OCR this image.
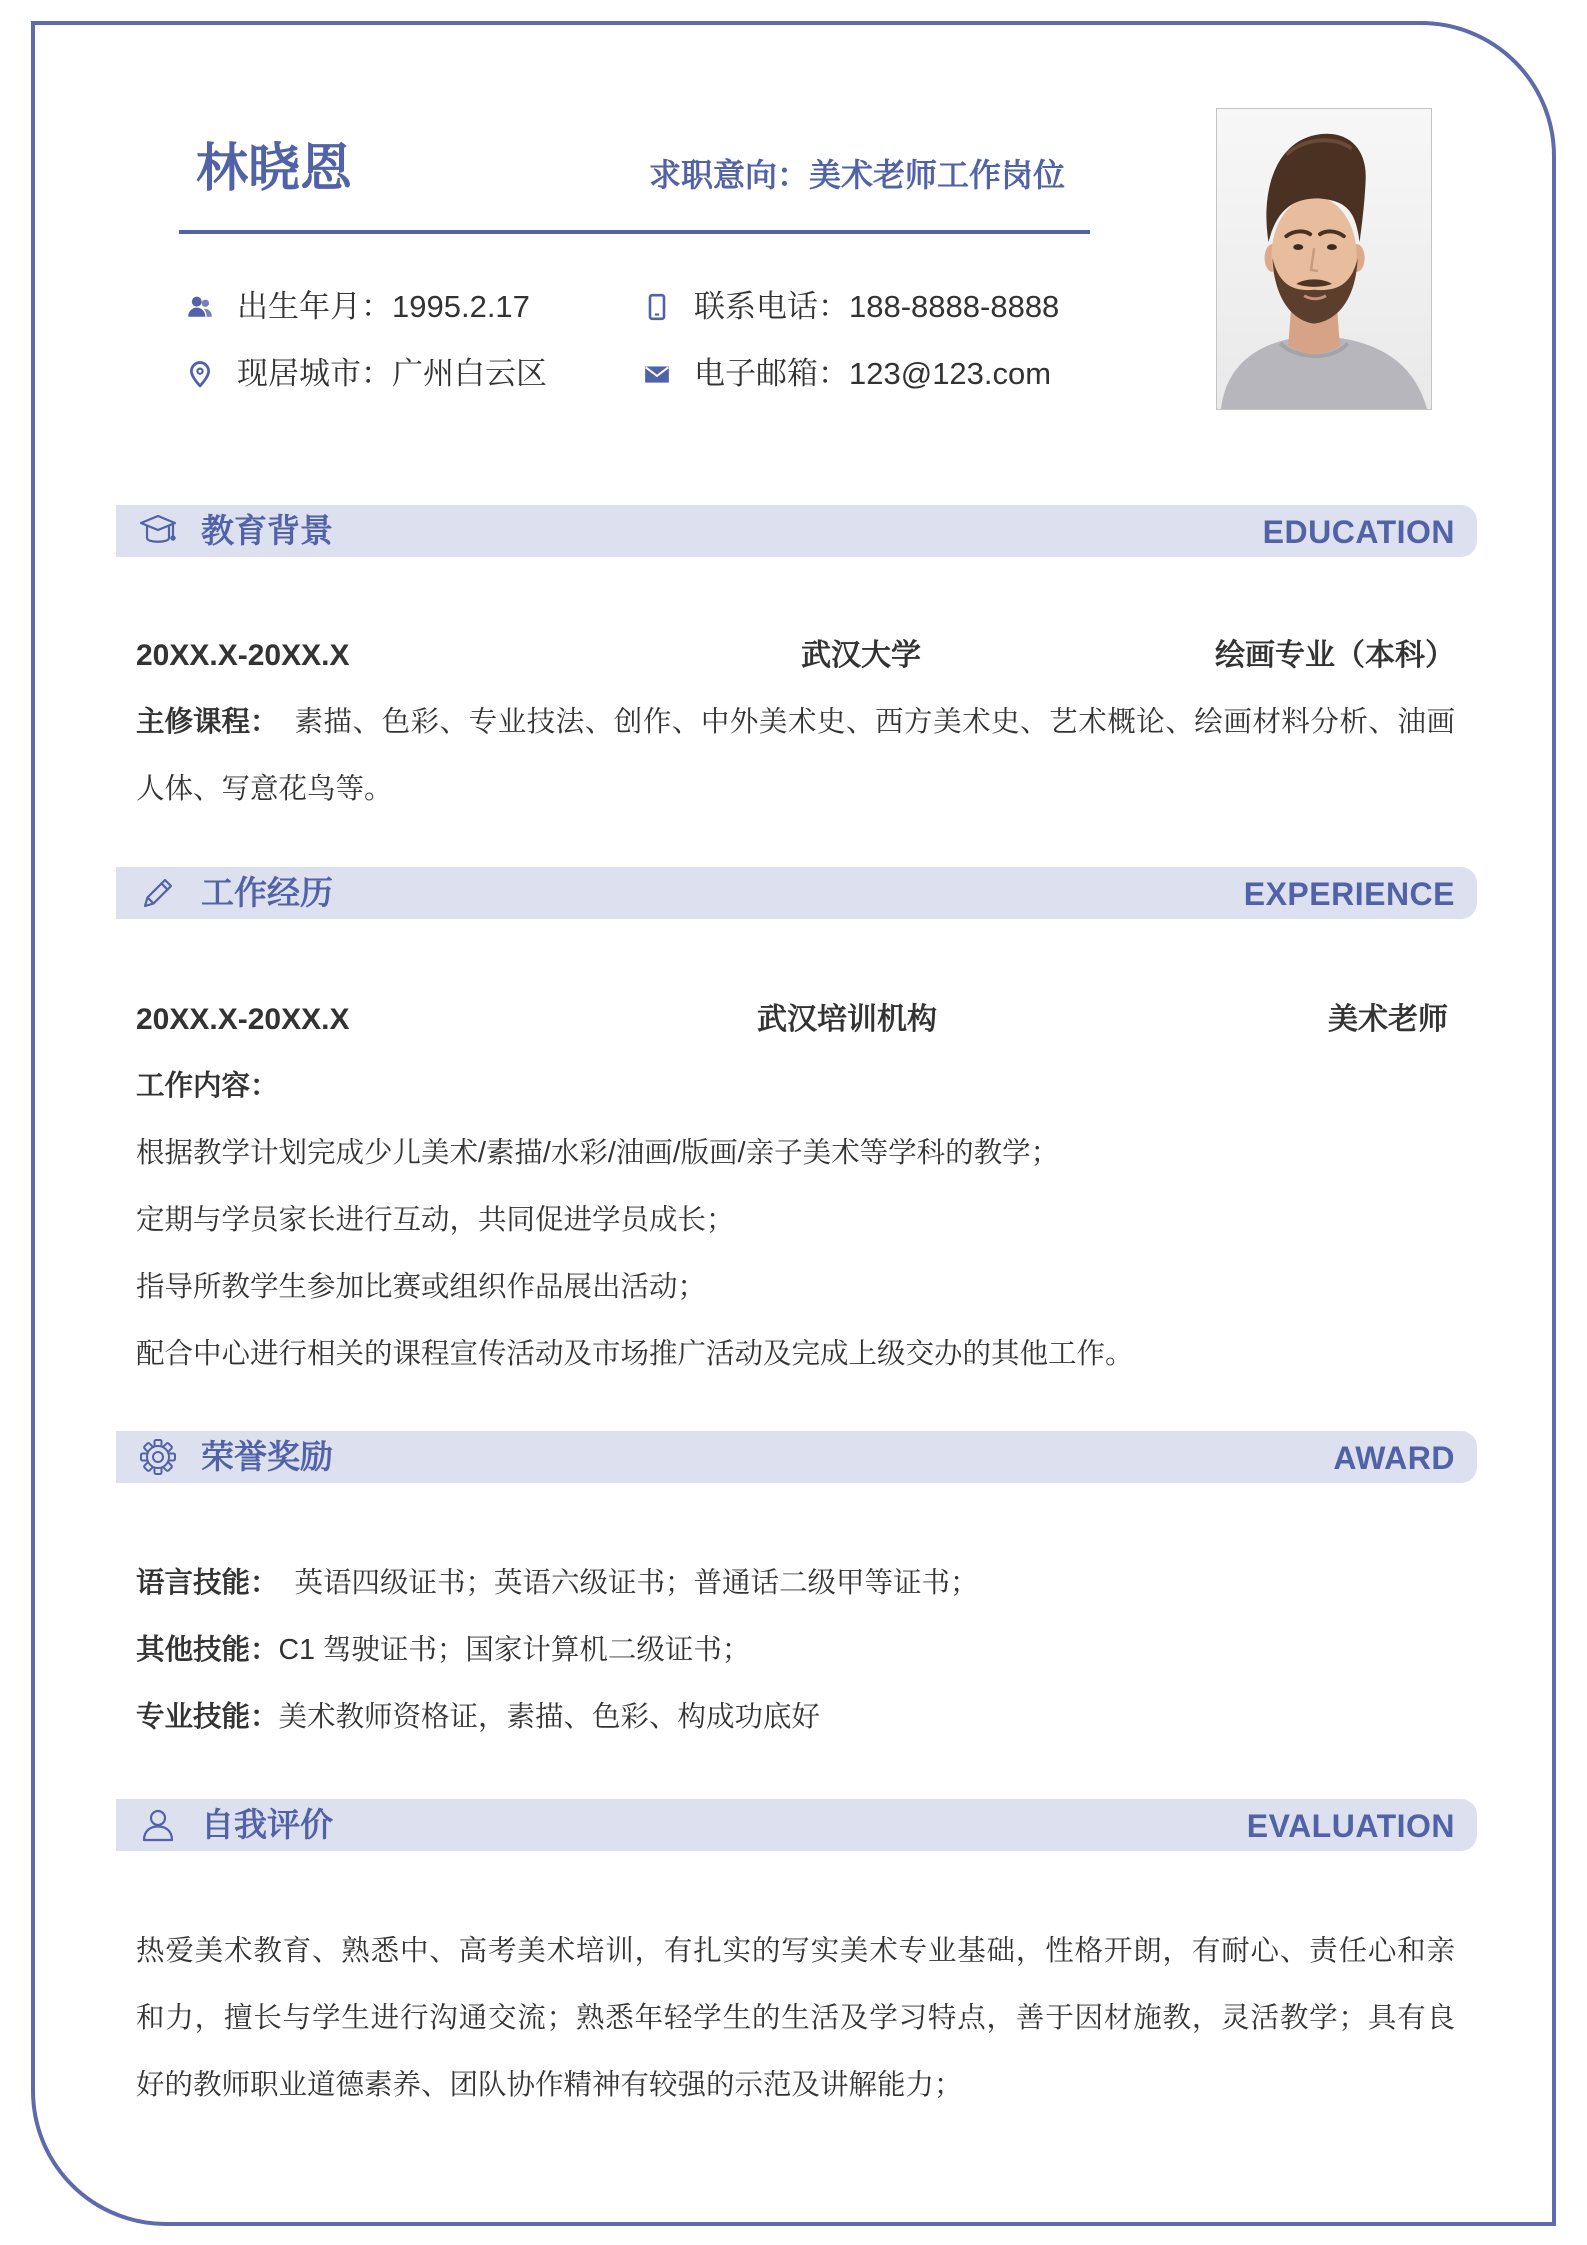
林晓恩	求职意向：美术老师工作岗位
出生年月：1995.2.17	联系电话：188-8888-8888
现居城市：广州白云区	电子邮箱：123@123.com
教育背景	EDUCATION
20XX.X-20XX.X	武汉大学	绘画专业（本科）
主修课程： 素描、色彩、专业技法、创作、中外美术史、西方美术史、艺术概论、绘画材料分析、油画
人体、写意花鸟等。
工作经历	EXPERIENCE
20XX.X-20XX.X	武汉培训机构	美术老师
工作内容：
根据教学计划完成少儿美术/素描/水彩/油画/版画/亲子美术等学科的教学；
定期与学员家长进行互动，共同促进学员成长；
指导所教学生参加比赛或组织作品展出活动；
配合中心进行相关的课程宣传活动及市场推广活动及完成上级交办的其他工作。
荣誉奖励	AWARD
语言技能： 英语四级证书；英语六级证书；普通话二级甲等证书；
其他技能： C1 驾驶证书；国家计算机二级证书；
专业技能： 美术教师资格证，素描、色彩、构成功底好
自我评价	EVALUATION
热爱美术教育、熟悉中、高考美术培训，有扎实的写实美术专业基础，性格开朗，有耐心、责任心和亲
和力，擅长与学生进行沟通交流；熟悉年轻学生的生活及学习特点，善于因材施教，灵活教学；具有良
好的教师职业道德素养、团队协作精神有较强的示范及讲解能力；
